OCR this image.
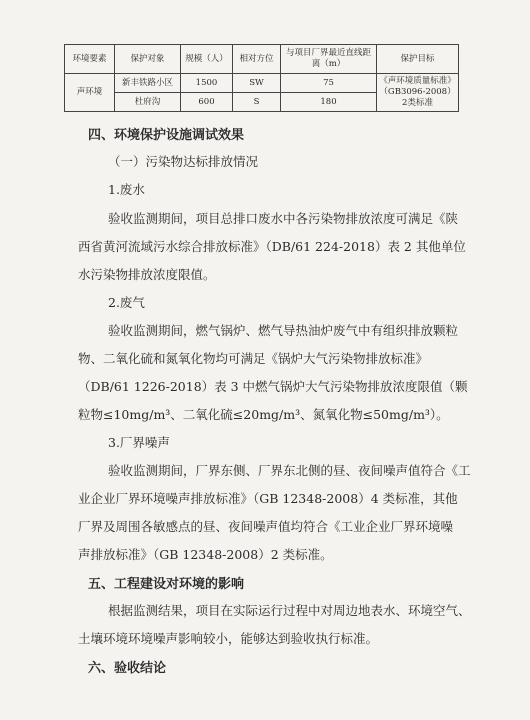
环境要素	保护对象	规模（人）	相对方位	与项目厂界最近直线距离（m）	保护目标
声环境	新丰铁路小区	1500	SW	75	《声环境质量标准》（GB3096-2008）2类标准
	杜府沟	600	S	180	
四、环境保护设施调试效果
（一）污染物达标排放情况
1.废水
验收监测期间，项目总排口废水中各污染物排放浓度可满足《陕
西省黄河流域污水综合排放标准》（DB/61 224-2018）表 2 其他单位
水污染物排放浓度限值。
2.废气
验收监测期间，燃气锅炉、燃气导热油炉废气中有组织排放颗粒
物、二氧化硫和氮氧化物均可满足《锅炉大气污染物排放标准》
（DB/61 1226-2018）表 3 中燃气锅炉大气污染物排放浓度限值（颗
粒物≤10mg/m³、二氧化硫≤20mg/m³、氮氧化物≤50mg/m³）。
3.厂界噪声
验收监测期间，厂界东侧、厂界东北侧的昼、夜间噪声值符合《工
业企业厂界环境噪声排放标准》（GB 12348-2008）4 类标准，其他
厂界及周围各敏感点的昼、夜间噪声值均符合《工业企业厂界环境噪
声排放标准》（GB 12348-2008）2 类标准。
五、工程建设对环境的影响
根据监测结果，项目在实际运行过程中对周边地表水、环境空气、
土壤环境环境噪声影响较小，能够达到验收执行标准。
六、验收结论
